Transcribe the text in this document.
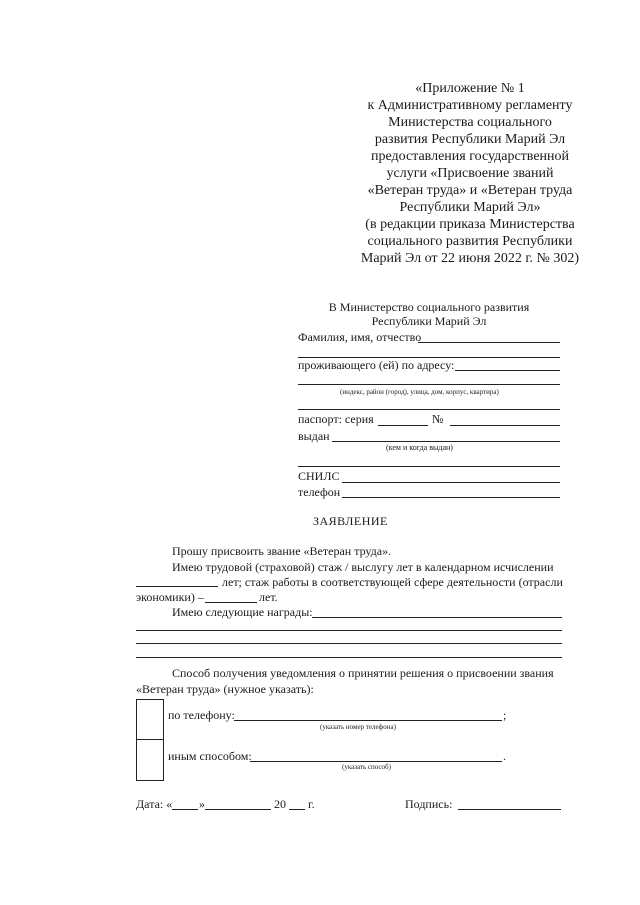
«Приложение № 1
к Административному регламенту
Министерства социального
развития Республики Марий Эл
предоставления государственной
услуги «Присвоение званий
«Ветеран труда» и «Ветеран труда
Республики Марий Эл»
(в редакции приказа Министерства
социального развития Республики
Марий Эл от 22 июня 2022 г. № 302)
В Министерство социального развития
Республики Марий Эл
Фамилия, имя, отчество
проживающего (ей) по адресу:
(индекс, район (город), улица, дом, корпус, квартира)
паспорт: серия	№
выдан
(кем и когда выдан)
СНИЛС
телефон
ЗАЯВЛЕНИЕ
Прошу присвоить звание «Ветеран труда».
Имею трудовой (страховой) стаж / выслугу лет в календарном исчислении
лет; стаж работы в соответствующей сфере деятельности (отрасли
экономики) –	лет.
Имею следующие награды:
Способ получения уведомления о принятии решения о присвоении звания
«Ветеран труда» (нужное указать):
по телефону:	;
(указать номер телефона)
иным способом:	.
(указать способ)
Дата: « »	20 г.	Подпись:
